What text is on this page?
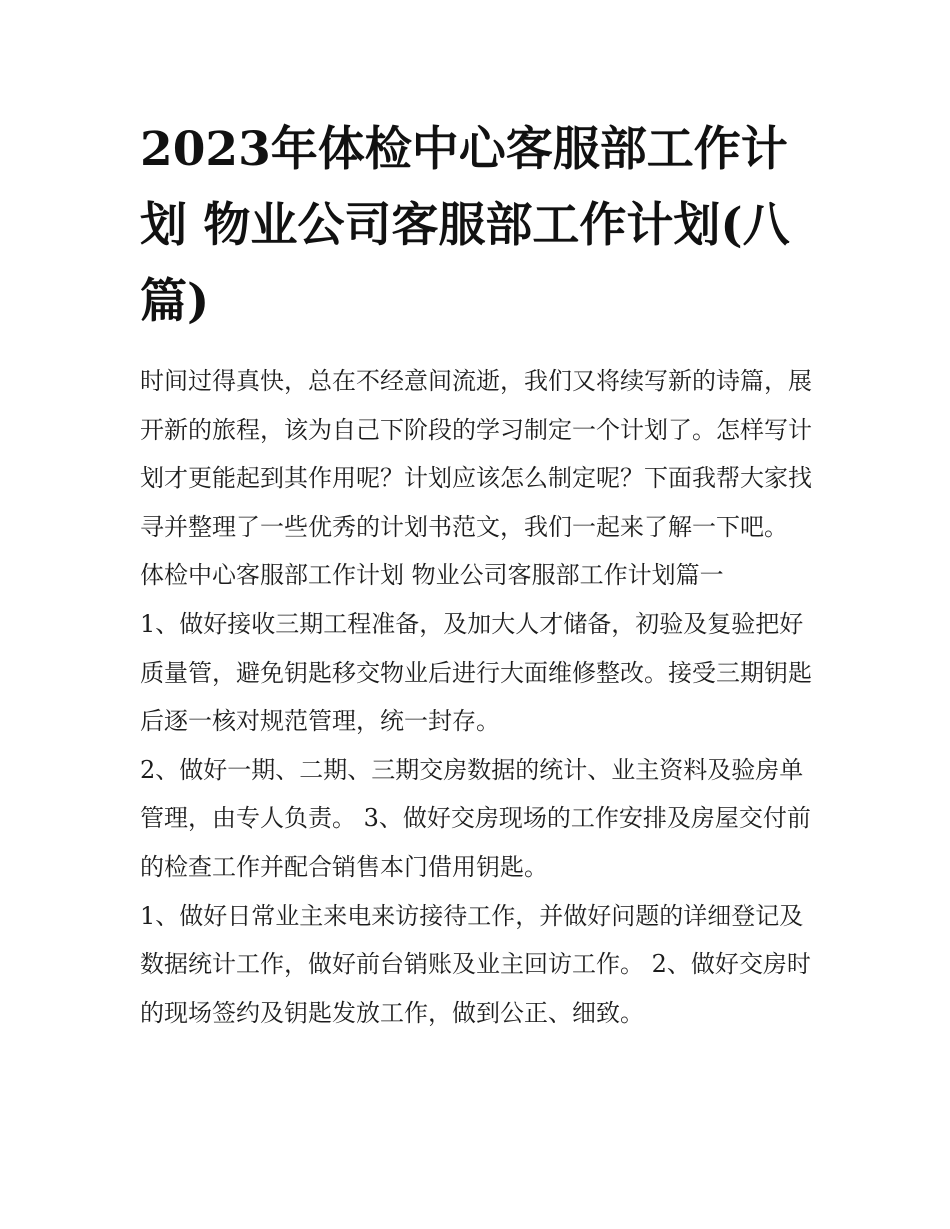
2023年体检中心客服部工作计划 物业公司客服部工作计划(八篇)

时间过得真快，总在不经意间流逝，我们又将续写新的诗篇，展开新的旅程，该为自己下阶段的学习制定一个计划了。怎样写计划才更能起到其作用呢？计划应该怎么制定呢？下面我帮大家找寻并整理了一些优秀的计划书范文，我们一起来了解一下吧。

体检中心客服部工作计划 物业公司客服部工作计划篇一

1、做好接收三期工程准备，及加大人才储备，初验及复验把好质量管，避免钥匙移交物业后进行大面维修整改。接受三期钥匙后逐一核对规范管理，统一封存。

2、做好一期、二期、三期交房数据的统计、业主资料及验房单管理，由专人负责。 3、做好交房现场的工作安排及房屋交付前的检查工作并配合销售本门借用钥匙。

1、做好日常业主来电来访接待工作，并做好问题的详细登记及数据统计工作，做好前台销账及业主回访工作。 2、做好交房时的现场签约及钥匙发放工作，做到公正、细致。
